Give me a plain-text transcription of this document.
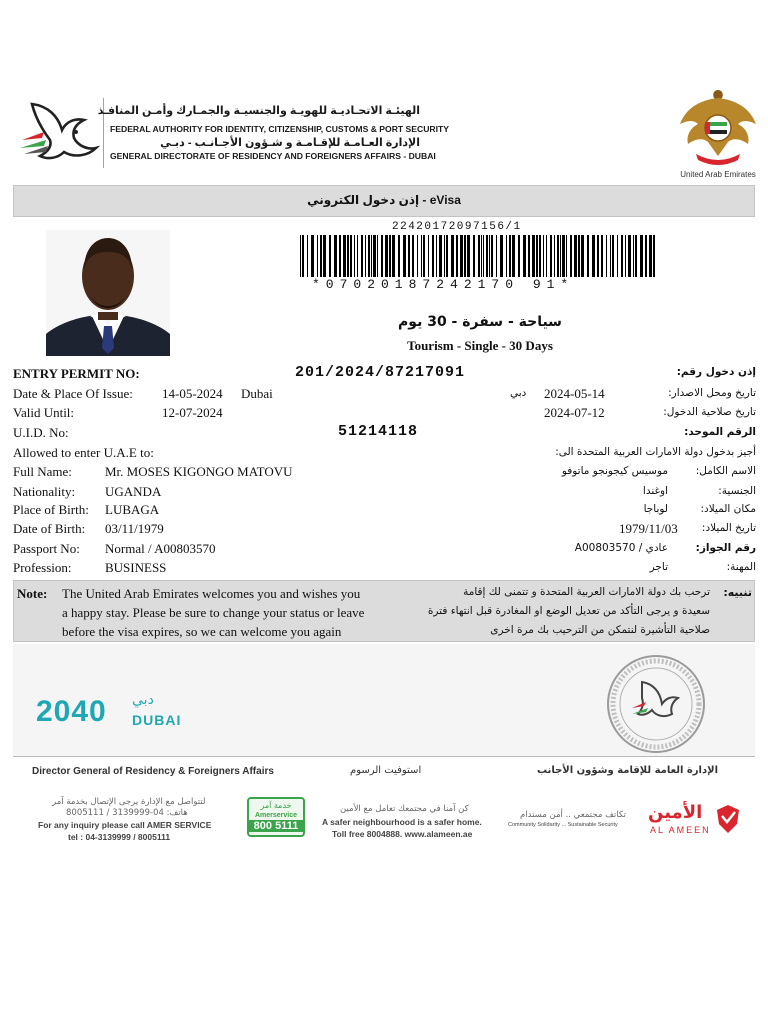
الهيئـة الاتحـاديـة للهويـة والجنسيـة والجمـارك وأمـن المنافـذ
FEDERAL AUTHORITY FOR IDENTITY, CITIZENSHIP, CUSTOMS & PORT SECURITY
الإدارة العـامـة للإقـامـة و شـؤون الأجـانـب - دبـي
GENERAL DIRECTORATE OF RESIDENCY AND FOREIGNERS AFFAIRS - DUBAI
United Arab Emirates
إذن دخول الكتروني - eVisa
22420172097156/1
*07020187242170 91*
سياحة - سفرة - 30 يوم
Tourism - Single - 30 Days
ENTRY PERMIT NO:	201/2024/87217091	إذن دخول رقم:
Date & Place Of Issue: 14-05-2024 Dubai	تاريخ ومحل الاصدار:
2024-05-14
دبي
Valid Until:	12-07-2024	تاريخ صلاحية الدخول:
2024-07-12
U.I.D. No:	51214118	الرقم الموحد:
Allowed to enter U.A.E to:	أجيز بدخول دولة الامارات العربية المتحدة الى:
Full Name:	Mr. MOSES KIGONGO MATOVU	الاسم الكامل:
موسيس كيجونجو ماتوفو
Nationality: UGANDA	الجنسية:
اوغندا
Place of Birth: LUBAGA	مكان الميلاد:
لوباجا
Date of Birth: 03/11/1979	تاريخ الميلاد:
1979/11/03
Passport No: Normal / A00803570	رقم الجواز:
عادي / A00803570
Profession:	BUSINESS	المهنة:
تاجر
Note: The United Arab Emirates welcomes you and wishes you
a happy stay. Please be sure to change your status or leave
before the visa expires, so we can welcome you again
تنبيه:
ترحب بك دولة الامارات العربية المتحدة و تتمنى لك إقامة
سعيدة و يرجى التأكد من تعديل الوضع او المغادرة قبل انتهاء فترة
صلاحية التأشيرة لنتمكن من الترحيب بك مرة اخرى
2040 دبي
DUBAI
Director General of Residency & Foreigners Affairs	استوفيت الرسوم	الإدارة العامة للإقامة وشؤون الأجانب
لتتواصل مع الإدارة يرجى الإتصال بخدمة آمر
هاتف: 04-3139999 / 8005111
For any inquiry please call AMER SERVICE
tel : 04-3139999 / 8005111
خدمة آمر
Amerservice
800 5111
كن آمنا في مجتمعك تعامل مع الأمين
A safer neighbourhood is a safer home.
Toll free 8004888. www.alameen.ae
تكاتف مجتمعي .. أمن مستدام
Community Solidarity ... Sustainable Security
الأمين
AL AMEEN
